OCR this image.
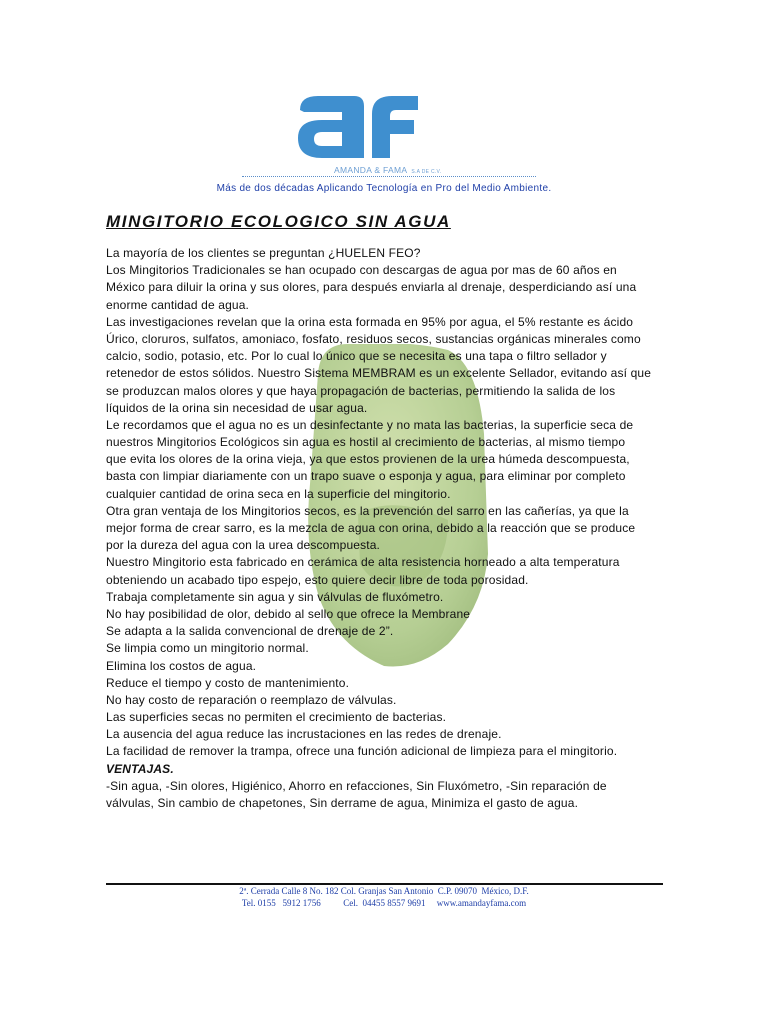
AMANDA & FAMA S.A DE C.V.
Más de dos décadas Aplicando Tecnología en Pro del Medio Ambiente.
MINGITORIO ECOLOGICO SIN AGUA
La mayoría de los clientes se preguntan ¿HUELEN FEO?
Los Mingitorios Tradicionales se han ocupado con descargas de agua por mas de 60 años en
México para diluir la orina y sus olores, para después enviarla al drenaje, desperdiciando así una
enorme cantidad de agua.
Las investigaciones revelan que la orina esta formada en 95% por agua, el 5% restante es ácido
Úrico, cloruros, sulfatos, amoniaco, fosfato, residuos secos, sustancias orgánicas minerales como
calcio, sodio, potasio, etc. Por lo cual lo único que se necesita es una tapa o filtro sellador y
retenedor de estos sólidos. Nuestro Sistema MEMBRAM es un excelente Sellador, evitando así que
se produzcan malos olores y que haya propagación de bacterias, permitiendo la salida de los
líquidos de la orina sin necesidad de usar agua.
Le recordamos que el agua no es un desinfectante y no mata las bacterias, la superficie seca de
nuestros Mingitorios Ecológicos sin agua es hostil al crecimiento de bacterias, al mismo tiempo
que evita los olores de la orina vieja, ya que estos provienen de la urea húmeda descompuesta,
basta con limpiar diariamente con un trapo suave o esponja y agua, para eliminar por completo
cualquier cantidad de orina seca en la superficie del mingitorio.
Otra gran ventaja de los Mingitorios secos, es la prevención del sarro en las cañerías, ya que la
mejor forma de crear sarro, es la mezcla de agua con orina, debido a la reacción que se produce
por la dureza del agua con la urea descompuesta.
Nuestro Mingitorio esta fabricado en cerámica de alta resistencia horneado a alta temperatura
obteniendo un acabado tipo espejo, esto quiere decir libre de toda porosidad.
Trabaja completamente sin agua y sin válvulas de fluxómetro.
No hay posibilidad de olor, debido al sello que ofrece la Membrane
Se adapta a la salida convencional de drenaje de 2”.
Se limpia como un mingitorio normal.
Elimina los costos de agua.
Reduce el tiempo y costo de mantenimiento.
No hay costo de reparación o reemplazo de válvulas.
Las superficies secas no permiten el crecimiento de bacterias.
La ausencia del agua reduce las incrustaciones en las redes de drenaje.
La facilidad de remover la trampa, ofrece una función adicional de limpieza para el mingitorio.
VENTAJAS.
-Sin agua, -Sin olores, Higiénico, Ahorro en refacciones, Sin Fluxómetro, -Sin reparación de
válvulas, Sin cambio de chapetones, Sin derrame de agua, Minimiza el gasto de agua.
2ª. Cerrada Calle 8 No. 182 Col. Granjas San Antonio  C.P. 09070  México, D.F.
Tel. 0155   5912 1756          Cel.  04455 8557 9691     www.amandayfama.com
